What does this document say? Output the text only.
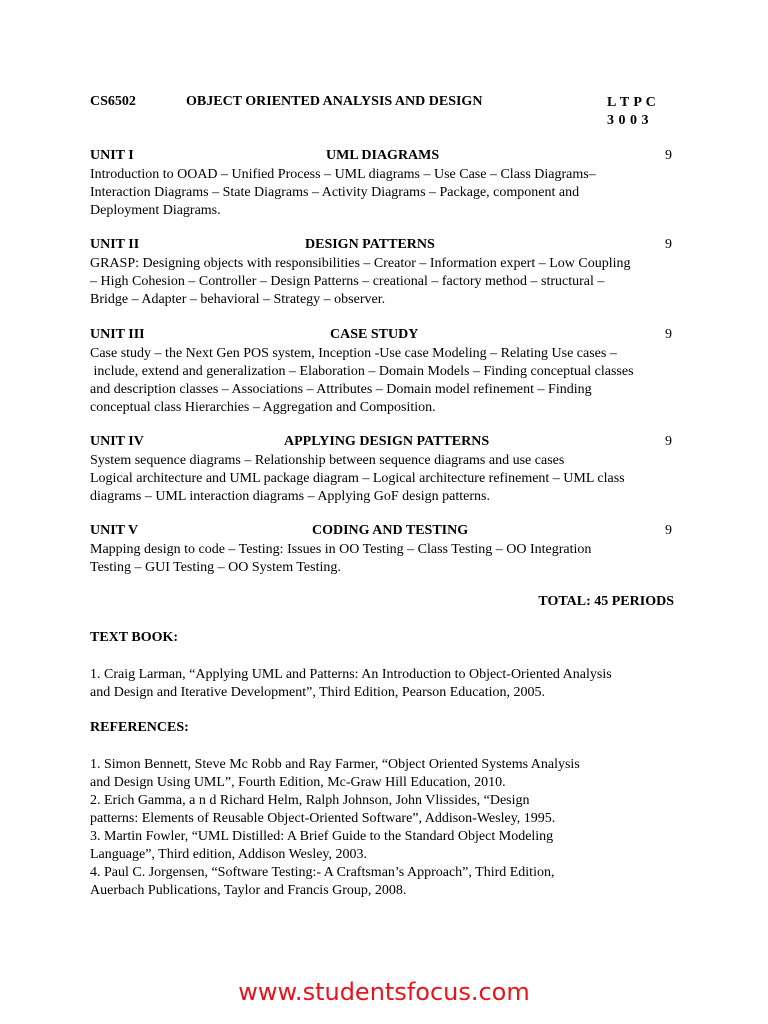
CS6502	OBJECT ORIENTED ANALYSIS AND DESIGN	L T P C
3 0 0 3
UNIT I	UML DIAGRAMS	9

Introduction to OOAD – Unified Process – UML diagrams – Use Case – Class Diagrams–

Interaction Diagrams – State Diagrams – Activity Diagrams – Package, component and

Deployment Diagrams.

UNIT II	DESIGN PATTERNS	9

GRASP: Designing objects with responsibilities – Creator – Information expert – Low Coupling

– High Cohesion – Controller – Design Patterns – creational – factory method – structural –

Bridge – Adapter – behavioral – Strategy – observer.

UNIT III	CASE STUDY	9

Case study – the Next Gen POS system, Inception -Use case Modeling – Relating Use cases –

include, extend and generalization – Elaboration – Domain Models – Finding conceptual classes

and description classes – Associations – Attributes – Domain model refinement – Finding

conceptual class Hierarchies – Aggregation and Composition.

UNIT IV	APPLYING DESIGN PATTERNS	9

System sequence diagrams – Relationship between sequence diagrams and use cases

Logical architecture and UML package diagram – Logical architecture refinement – UML class

diagrams – UML interaction diagrams – Applying GoF design patterns.

UNIT V	CODING AND TESTING	9

Mapping design to code – Testing: Issues in OO Testing – Class Testing – OO Integration

Testing – GUI Testing – OO System Testing.

TOTAL: 45 PERIODS
TEXT BOOK:

1. Craig Larman, “Applying UML and Patterns: An Introduction to Object-Oriented Analysis

and Design and Iterative Development”, Third Edition, Pearson Education, 2005.

REFERENCES:

1. Simon Bennett, Steve Mc Robb and Ray Farmer, “Object Oriented Systems Analysis

and Design Using UML”, Fourth Edition, Mc-Graw Hill Education, 2010.

2. Erich Gamma, a n d Richard Helm, Ralph Johnson, John Vlissides, “Design

patterns: Elements of Reusable Object-Oriented Software”, Addison-Wesley, 1995.

3. Martin Fowler, “UML Distilled: A Brief Guide to the Standard Object Modeling

Language”, Third edition, Addison Wesley, 2003.

4. Paul C. Jorgensen, “Software Testing:- A Craftsman’s Approach”, Third Edition,

Auerbach Publications, Taylor and Francis Group, 2008.

www.studentsfocus.com
